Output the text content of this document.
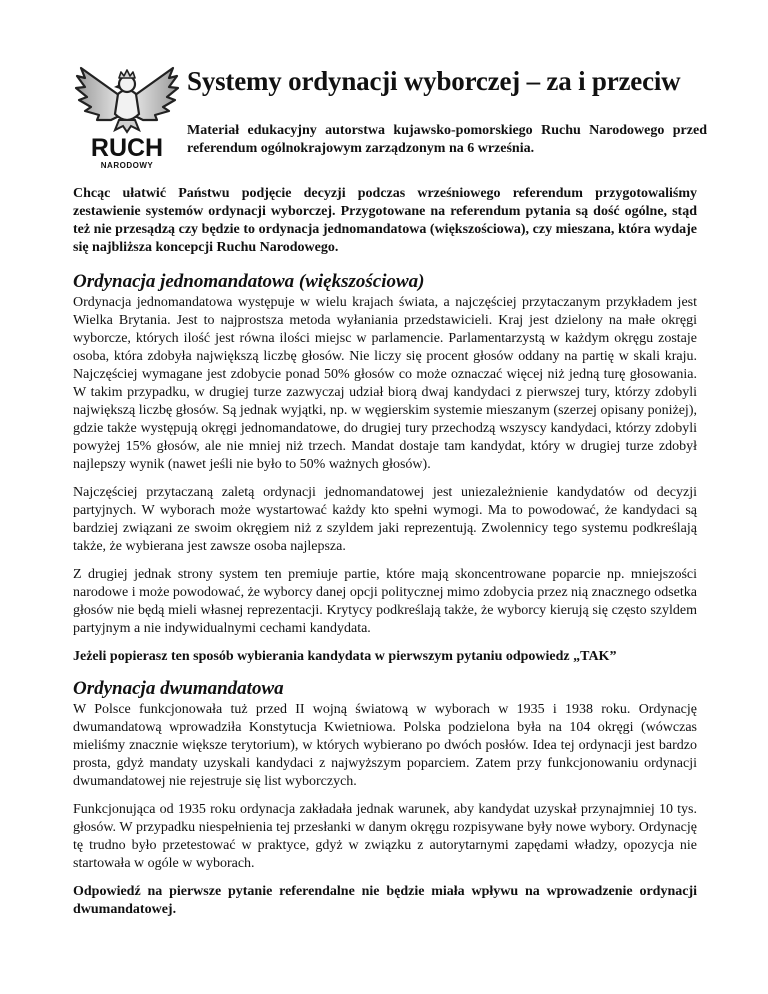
RUCH
NARODOWY
Systemy ordynacji wyborczej – za i przeciw

Materiał edukacyjny autorstwa kujawsko-pomorskiego Ruchu Narodowego przed referendum ogólnokrajowym zarządzonym na 6 września.

Chcąc ułatwić Państwu podjęcie decyzji podczas wrześniowego referendum przygotowaliśmy zestawienie systemów ordynacji wyborczej. Przygotowane na referendum pytania są dość ogólne, stąd też nie przesądzą czy będzie to ordynacja jednomandatowa (większościowa), czy mieszana, która wydaje się najbliższa koncepcji Ruchu Narodowego.

Ordynacja jednomandatowa (większościowa)

Ordynacja jednomandatowa występuje w wielu krajach świata, a najczęściej przytaczanym przykładem jest Wielka Brytania. Jest to najprostsza metoda wyłaniania przedstawicieli. Kraj jest dzielony na małe okręgi wyborcze, których ilość jest równa ilości miejsc w parlamencie. Parlamentarzystą w każdym okręgu zostaje osoba, która zdobyła największą liczbę głosów. Nie liczy się procent głosów oddany na partię w skali kraju. Najczęściej wymagane jest zdobycie ponad 50% głosów co może oznaczać więcej niż jedną turę głosowania. W takim przypadku, w drugiej turze zazwyczaj udział biorą dwaj kandydaci z pierwszej tury, którzy zdobyli największą liczbę głosów. Są jednak wyjątki, np. w węgierskim systemie mieszanym (szerzej opisany poniżej), gdzie także występują okręgi jednomandatowe, do drugiej tury przechodzą wszyscy kandydaci, którzy zdobyli powyżej 15% głosów, ale nie mniej niż trzech. Mandat dostaje tam kandydat, który w drugiej turze zdobył najlepszy wynik (nawet jeśli nie było to 50% ważnych głosów).

Najczęściej przytaczaną zaletą ordynacji jednomandatowej jest uniezależnienie kandydatów od decyzji partyjnych. W wyborach może wystartować każdy kto spełni wymogi. Ma to powodować, że kandydaci są bardziej związani ze swoim okręgiem niż z szyldem jaki reprezentują. Zwolennicy tego systemu podkreślają także, że wybierana jest zawsze osoba najlepsza.

Z drugiej jednak strony system ten premiuje partie, które mają skoncentrowane poparcie np. mniejszości narodowe i może powodować, że wyborcy danej opcji politycznej mimo zdobycia przez nią znacznego odsetka głosów nie będą mieli własnej reprezentacji. Krytycy podkreślają także, że wyborcy kierują się często szyldem partyjnym a nie indywidualnymi cechami kandydata.

Jeżeli popierasz ten sposób wybierania kandydata w pierwszym pytaniu odpowiedz „TAK”

Ordynacja dwumandatowa

W Polsce funkcjonowała tuż przed II wojną światową w wyborach w 1935 i 1938 roku. Ordynację dwumandatową wprowadziła Konstytucja Kwietniowa. Polska podzielona była na 104 okręgi (wówczas mieliśmy znacznie większe terytorium), w których wybierano po dwóch posłów. Idea tej ordynacji jest bardzo prosta, gdyż mandaty uzyskali kandydaci z najwyższym poparciem. Zatem przy funkcjonowaniu ordynacji dwumandatowej nie rejestruje się list wyborczych.

Funkcjonująca od 1935 roku ordynacja zakładała jednak warunek, aby kandydat uzyskał przynajmniej 10 tys. głosów. W przypadku niespełnienia tej przesłanki w danym okręgu rozpisywane były nowe wybory. Ordynację tę trudno było przetestować w praktyce, gdyż w związku z autorytarnymi zapędami władzy, opozycja nie startowała w ogóle w wyborach.

Odpowiedź na pierwsze pytanie referendalne nie będzie miała wpływu na wprowadzenie ordynacji dwumandatowej.
